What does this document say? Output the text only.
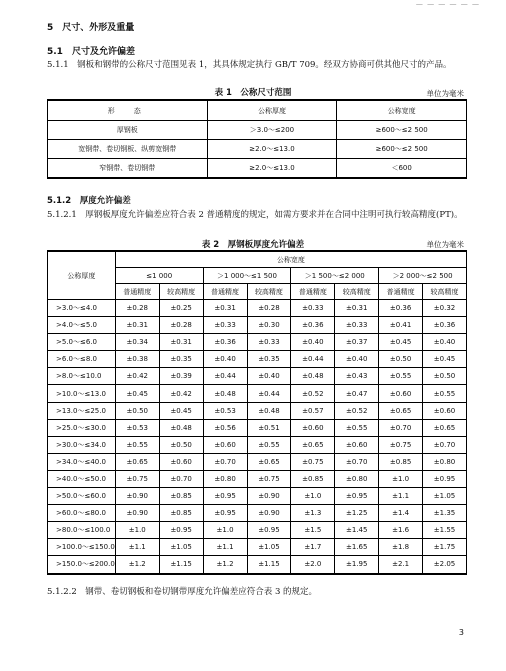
— — — — — —
5　尺寸、外形及重量
5.1　尺寸及允许偏差
5.1.1　钢板和钢带的公称尺寸范围见表 1，其具体规定执行 GB/T 709。经双方协商可供其他尺寸的产品。
表 1　公称尺寸范围	单位为毫米
形　态	公称厚度	公称宽度
厚钢板	＞3.0～≤200	≥600～≤2 500
宽钢带、卷切钢板、纵剪宽钢带	≥2.0～≤13.0	≥600～≤2 500
窄钢带、卷切钢带	≥2.0～≤13.0	＜600
5.1.2　厚度允许偏差
5.1.2.1　厚钢板厚度允许偏差应符合表 2 普通精度的规定，如需方要求并在合同中注明可执行较高精度(PT)。
表 2　厚钢板厚度允许偏差	单位为毫米
公称厚度	公称宽度							
	≤1 000		＞1 000～≤1 500		＞1 500～≤2 000		＞2 000～≤2 500	
	普通精度	较高精度	普通精度	较高精度	普通精度	较高精度	普通精度	较高精度
>3.0～≤4.0	±0.28	±0.25	±0.31	±0.28	±0.33	±0.31	±0.36	±0.32
>4.0～≤5.0	±0.31	±0.28	±0.33	±0.30	±0.36	±0.33	±0.41	±0.36
>5.0～≤6.0	±0.34	±0.31	±0.36	±0.33	±0.40	±0.37	±0.45	±0.40
>6.0～≤8.0	±0.38	±0.35	±0.40	±0.35	±0.44	±0.40	±0.50	±0.45
>8.0～≤10.0	±0.42	±0.39	±0.44	±0.40	±0.48	±0.43	±0.55	±0.50
>10.0～≤13.0	±0.45	±0.42	±0.48	±0.44	±0.52	±0.47	±0.60	±0.55
>13.0～≤25.0	±0.50	±0.45	±0.53	±0.48	±0.57	±0.52	±0.65	±0.60
>25.0～≤30.0	±0.53	±0.48	±0.56	±0.51	±0.60	±0.55	±0.70	±0.65
>30.0～≤34.0	±0.55	±0.50	±0.60	±0.55	±0.65	±0.60	±0.75	±0.70
>34.0～≤40.0	±0.65	±0.60	±0.70	±0.65	±0.75	±0.70	±0.85	±0.80
>40.0～≤50.0	±0.75	±0.70	±0.80	±0.75	±0.85	±0.80	±1.0	±0.95
>50.0～≤60.0	±0.90	±0.85	±0.95	±0.90	±1.0	±0.95	±1.1	±1.05
>60.0～≤80.0	±0.90	±0.85	±0.95	±0.90	±1.3	±1.25	±1.4	±1.35
>80.0～≤100.0	±1.0	±0.95	±1.0	±0.95	±1.5	±1.45	±1.6	±1.55
>100.0～≤150.0	±1.1	±1.05	±1.1	±1.05	±1.7	±1.65	±1.8	±1.75
>150.0～≤200.0	±1.2	±1.15	±1.2	±1.15	±2.0	±1.95	±2.1	±2.05
5.1.2.2　钢带、卷切钢板和卷切钢带厚度允许偏差应符合表 3 的规定。
3
